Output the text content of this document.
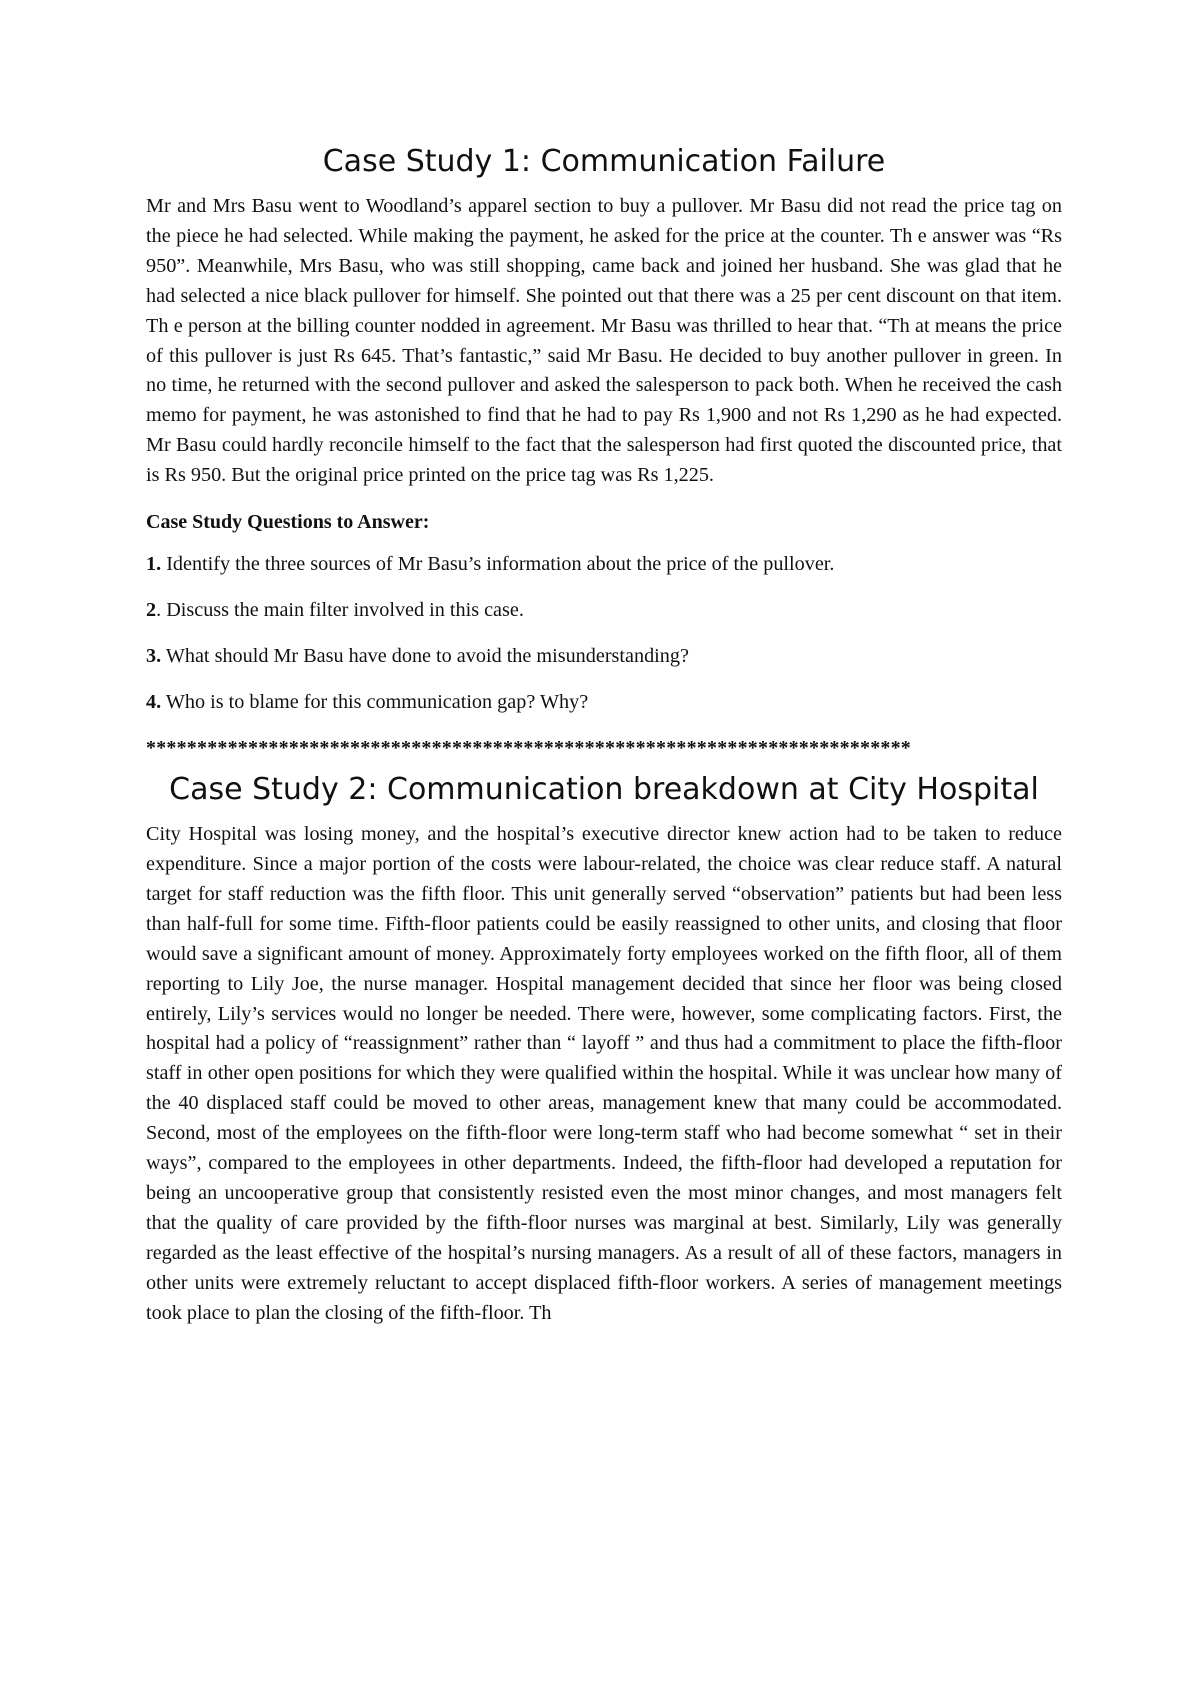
Case Study 1: Communication Failure

Mr and Mrs Basu went to Woodland’s apparel section to buy a pullover. Mr Basu did not read the price tag on the piece he had selected. While making the payment, he asked for the price at the counter. Th e answer was “Rs 950”. Meanwhile, Mrs Basu, who was still shopping, came back and joined her husband. She was glad that he had selected a nice black pullover for himself. She pointed out that there was a 25 per cent discount on that item. Th e person at the billing counter nodded in agreement. Mr Basu was thrilled to hear that. “Th at means the price of this pullover is just Rs 645. That’s fantastic,” said Mr Basu. He decided to buy another pullover in green. In no time, he returned with the second pullover and asked the salesperson to pack both. When he received the cash memo for payment, he was astonished to find that he had to pay Rs 1,900 and not Rs 1,290 as he had expected. Mr Basu could hardly reconcile himself to the fact that the salesperson had first quoted the discounted price, that is Rs 950. But the original price printed on the price tag was Rs 1,225.

Case Study Questions to Answer:
1. Identify the three sources of Mr Basu’s information about the price of the pullover.
2. Discuss the main filter involved in this case.
3. What should Mr Basu have done to avoid the misunderstanding?
4. Who is to blame for this communication gap? Why?
***************************************************************************
Case Study 2: Communication breakdown at City Hospital

City Hospital was losing money, and the hospital’s executive director knew action had to be taken to reduce expenditure. Since a major portion of the costs were labour-related, the choice was clear reduce staff. A natural target for staff reduction was the fifth floor. This unit generally served “observation” patients but had been less than half-full for some time. Fifth-floor patients could be easily reassigned to other units, and closing that floor would save a significant amount of money. Approximately forty employees worked on the fifth floor, all of them reporting to Lily Joe, the nurse manager. Hospital management decided that since her floor was being closed entirely, Lily’s services would no longer be needed. There were, however, some complicating factors. First, the hospital had a policy of “reassignment” rather than “ layoff ” and thus had a commitment to place the fifth-floor staff in other open positions for which they were qualified within the hospital. While it was unclear how many of the 40 displaced staff could be moved to other areas, management knew that many could be accommodated. Second, most of the employees on the fifth-floor were long-term staff who had become somewhat “ set in their ways”, compared to the employees in other departments. Indeed, the fifth-floor had developed a reputation for being an uncooperative group that consistently resisted even the most minor changes, and most managers felt that the quality of care provided by the fifth-floor nurses was marginal at best. Similarly, Lily was generally regarded as the least effective of the hospital’s nursing managers. As a result of all of these factors, managers in other units were extremely reluctant to accept displaced fifth-floor workers. A series of management meetings took place to plan the closing of the fifth-floor. Th
